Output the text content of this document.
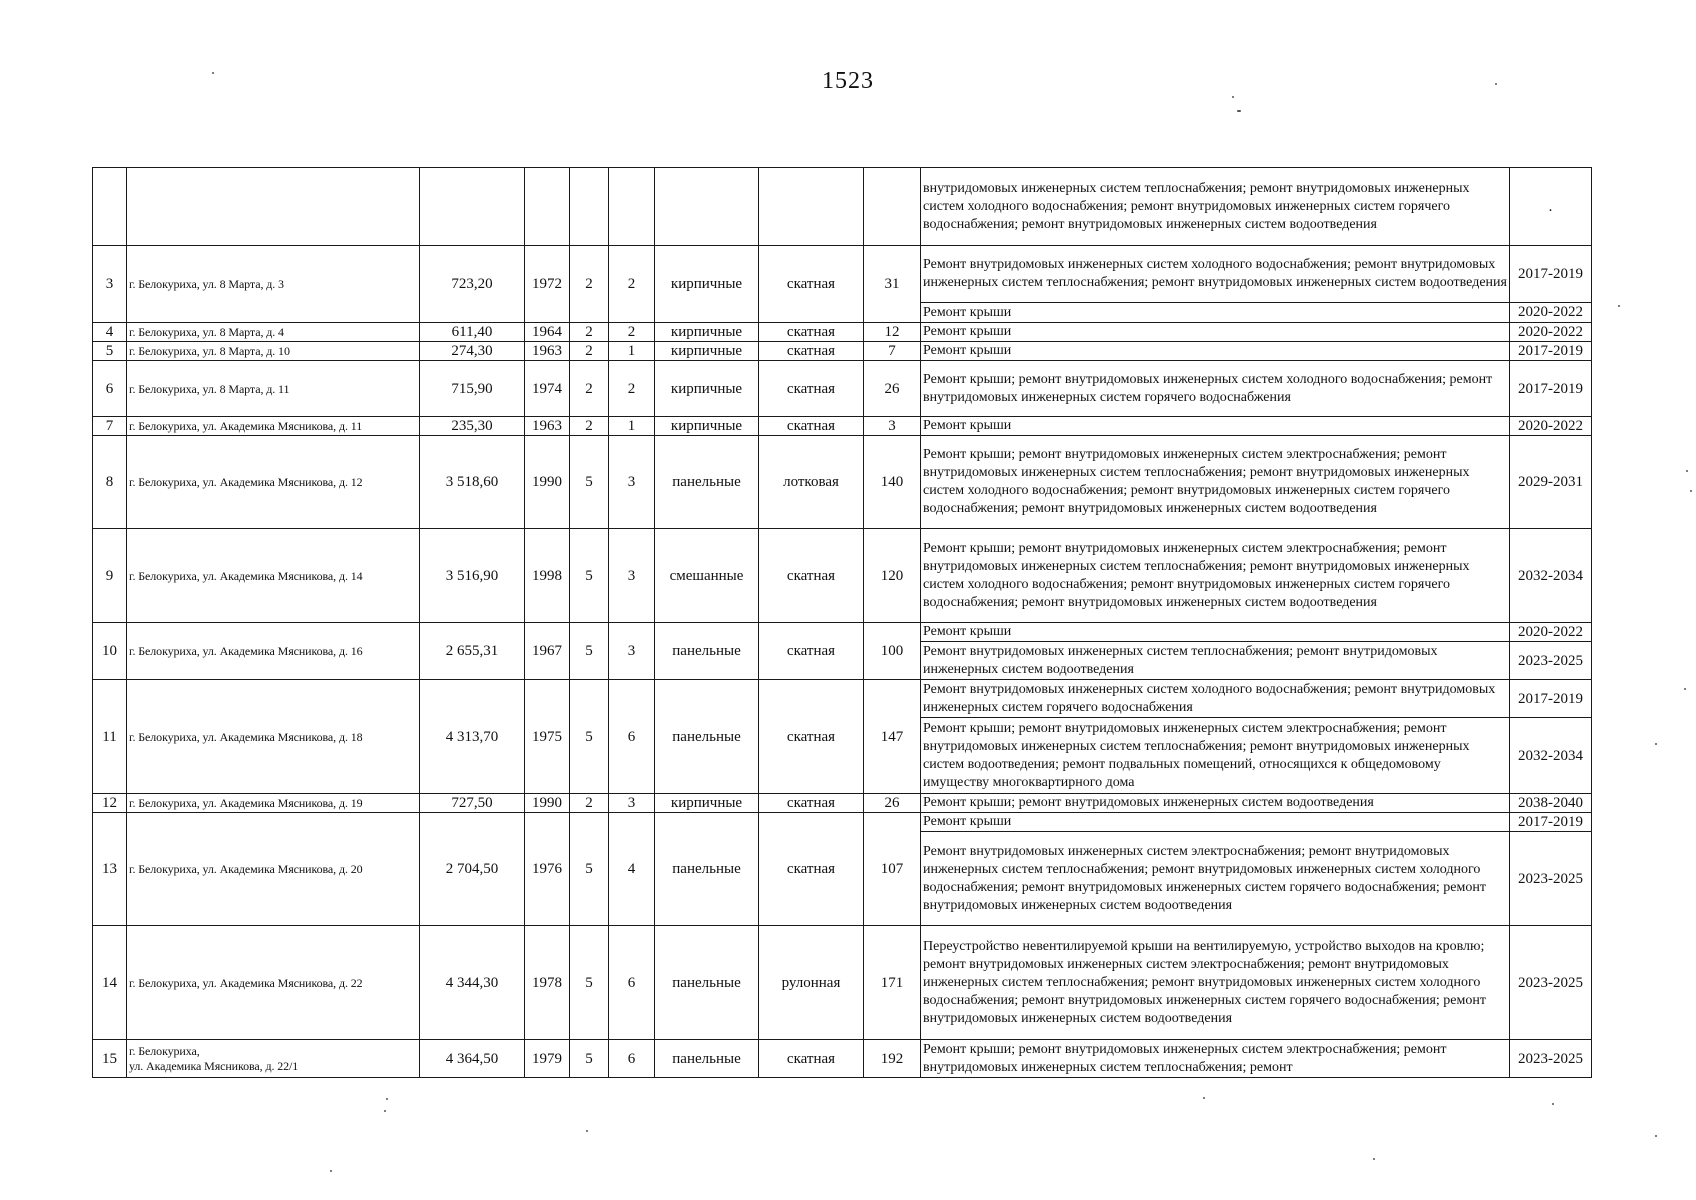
1523
									внутридомовых инженерных систем теплоснабжения; ремонт внутридомовых инженерных систем холодного водоснабжения; ремонт внутридомовых инженерных систем горячего водоснабжения; ремонт внутридомовых инженерных систем водоотведения	.
3	г. Белокуриха, ул. 8 Марта, д. 3	723,20	1972	2	2	кирпичные	скатная	31	Ремонт внутридомовых инженерных систем холодного водоснабжения; ремонт внутридомовых инженерных систем теплоснабжения; ремонт внутридомовых инженерных систем водоотведения	2017-2019
									Ремонт крыши	2020-2022
4	г. Белокуриха, ул. 8 Марта, д. 4	611,40	1964	2	2	кирпичные	скатная	12	Ремонт крыши	2020-2022
5	г. Белокуриха, ул. 8 Марта, д. 10	274,30	1963	2	1	кирпичные	скатная	7	Ремонт крыши	2017-2019
6	г. Белокуриха, ул. 8 Марта, д. 11	715,90	1974	2	2	кирпичные	скатная	26	Ремонт крыши; ремонт внутридомовых инженерных систем холодного водоснабжения; ремонт внутридомовых инженерных систем горячего водоснабжения	2017-2019
7	г. Белокуриха, ул. Академика Мясникова, д. 11	235,30	1963	2	1	кирпичные	скатная	3	Ремонт крыши	2020-2022
8	г. Белокуриха, ул. Академика Мясникова, д. 12	3 518,60	1990	5	3	панельные	лотковая	140	Ремонт крыши; ремонт внутридомовых инженерных систем электроснабжения; ремонт внутридомовых инженерных систем теплоснабжения; ремонт внутридомовых инженерных систем холодного водоснабжения; ремонт внутридомовых инженерных систем горячего водоснабжения; ремонт внутридомовых инженерных систем водоотведения	2029-2031
9	г. Белокуриха, ул. Академика Мясникова, д. 14	3 516,90	1998	5	3	смешанные	скатная	120	Ремонт крыши; ремонт внутридомовых инженерных систем электроснабжения; ремонт внутридомовых инженерных систем теплоснабжения; ремонт внутридомовых инженерных систем холодного водоснабжения; ремонт внутридомовых инженерных систем горячего водоснабжения; ремонт внутридомовых инженерных систем водоотведения	2032-2034
10	г. Белокуриха, ул. Академика Мясникова, д. 16	2 655,31	1967	5	3	панельные	скатная	100	Ремонт крыши	2020-2022
									Ремонт внутридомовых инженерных систем теплоснабжения; ремонт внутридомовых инженерных систем водоотведения	2023-2025
11	г. Белокуриха, ул. Академика Мясникова, д. 18	4 313,70	1975	5	6	панельные	скатная	147	Ремонт внутридомовых инженерных систем холодного водоснабжения; ремонт внутридомовых инженерных систем горячего водоснабжения	2017-2019
									Ремонт крыши; ремонт внутридомовых инженерных систем электроснабжения; ремонт внутридомовых инженерных систем теплоснабжения; ремонт внутридомовых инженерных систем водоотведения; ремонт подвальных помещений, относящихся к общедомовому имуществу многоквартирного дома	2032-2034
12	г. Белокуриха, ул. Академика Мясникова, д. 19	727,50	1990	2	3	кирпичные	скатная	26	Ремонт крыши; ремонт внутридомовых инженерных систем водоотведения	2038-2040
13	г. Белокуриха, ул. Академика Мясникова, д. 20	2 704,50	1976	5	4	панельные	скатная	107	Ремонт крыши	2017-2019
									Ремонт внутридомовых инженерных систем электроснабжения; ремонт внутридомовых инженерных систем теплоснабжения; ремонт внутридомовых инженерных систем холодного водоснабжения; ремонт внутридомовых инженерных систем горячего водоснабжения; ремонт внутридомовых инженерных систем водоотведения	2023-2025
14	г. Белокуриха, ул. Академика Мясникова, д. 22	4 344,30	1978	5	6	панельные	рулонная	171	Переустройство невентилируемой крыши на вентилируемую, устройство выходов на кровлю; ремонт внутридомовых инженерных систем электроснабжения; ремонт внутридомовых инженерных систем теплоснабжения; ремонт внутридомовых инженерных систем холодного водоснабжения; ремонт внутридомовых инженерных систем горячего водоснабжения; ремонт внутридомовых инженерных систем водоотведения	2023-2025
15	г. Белокуриха,
ул. Академика Мясникова, д. 22/1	4 364,50	1979	5	6	панельные	скатная	192	Ремонт крыши; ремонт внутридомовых инженерных систем электроснабжения; ремонт внутридомовых инженерных систем теплоснабжения; ремонт	2023-2025
